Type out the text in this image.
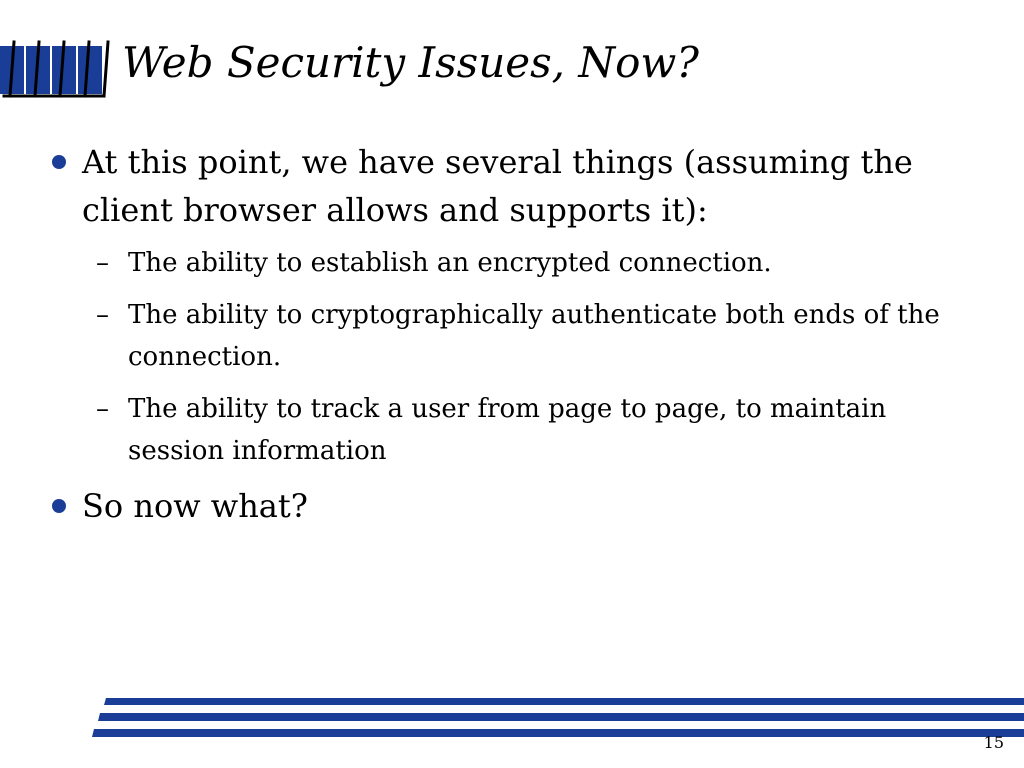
Web Security Issues, Now?
At this point, we have several things (assuming the client browser allows and supports it):
– The ability to establish an encrypted connection.
– The ability to cryptographically authenticate both ends of the connection.
– The ability to track a user from page to page, to maintain session information
So now what?
15
